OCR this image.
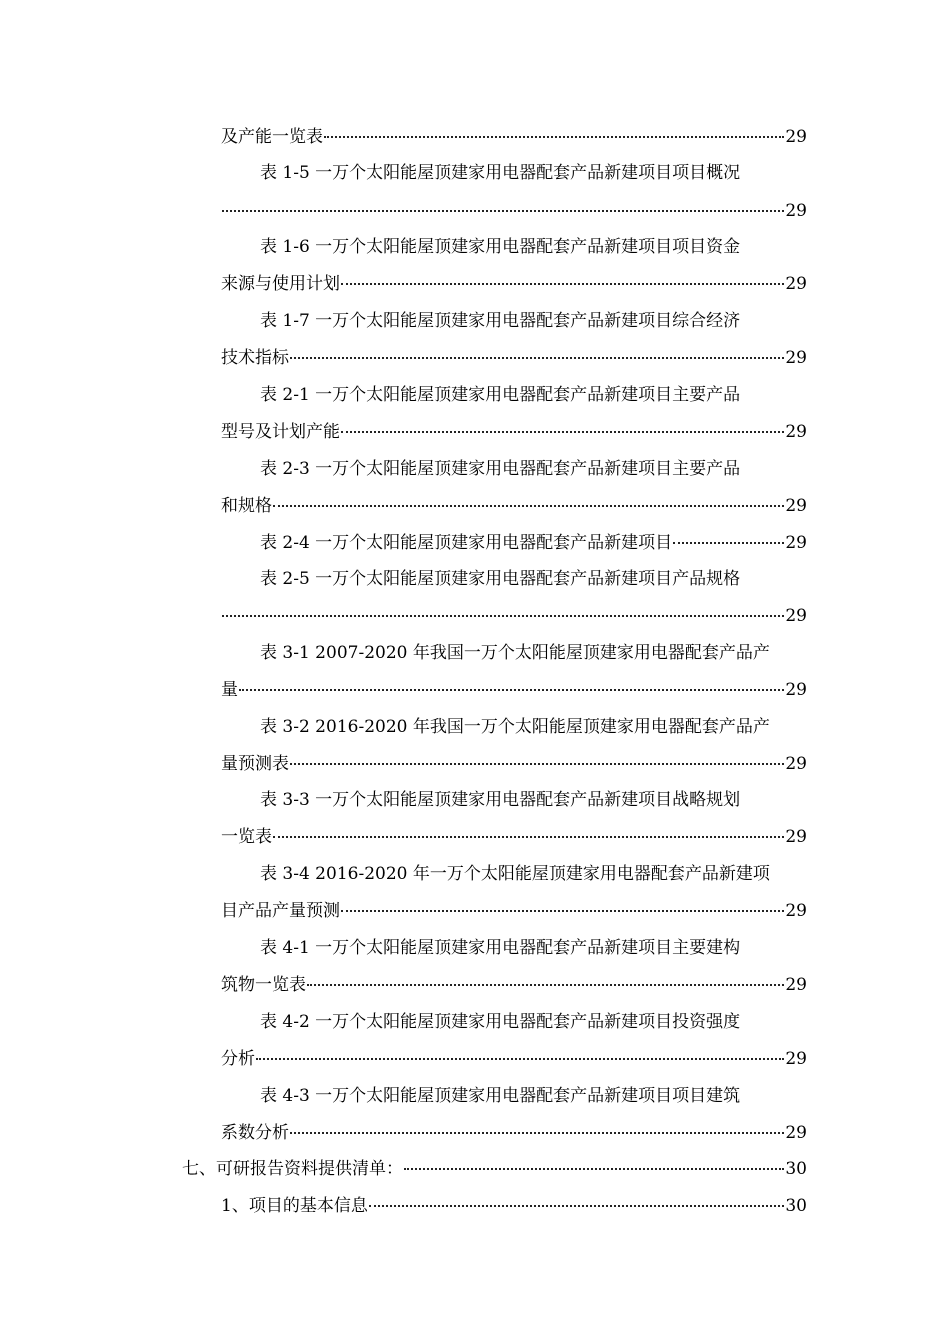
及产能一览表	29
表 1-5 一万个太阳能屋顶建家用电器配套产品新建项目项目概况
29
表 1-6 一万个太阳能屋顶建家用电器配套产品新建项目项目资金
来源与使用计划	29
表 1-7 一万个太阳能屋顶建家用电器配套产品新建项目综合经济
技术指标	29
表 2-1 一万个太阳能屋顶建家用电器配套产品新建项目主要产品
型号及计划产能	29
表 2-3 一万个太阳能屋顶建家用电器配套产品新建项目主要产品
和规格	29
表 2-4 一万个太阳能屋顶建家用电器配套产品新建项目	29
表 2-5 一万个太阳能屋顶建家用电器配套产品新建项目产品规格
29
表 3-1 2007-2020 年我国一万个太阳能屋顶建家用电器配套产品产
量	29
表 3-2 2016-2020 年我国一万个太阳能屋顶建家用电器配套产品产
量预测表	29
表 3-3 一万个太阳能屋顶建家用电器配套产品新建项目战略规划
一览表	29
表 3-4 2016-2020 年一万个太阳能屋顶建家用电器配套产品新建项
目产品产量预测	29
表 4-1 一万个太阳能屋顶建家用电器配套产品新建项目主要建构
筑物一览表	29
表 4-2 一万个太阳能屋顶建家用电器配套产品新建项目投资强度
分析	29
表 4-3 一万个太阳能屋顶建家用电器配套产品新建项目项目建筑
系数分析	29
七、可研报告资料提供清单：	30
1、项目的基本信息	30
